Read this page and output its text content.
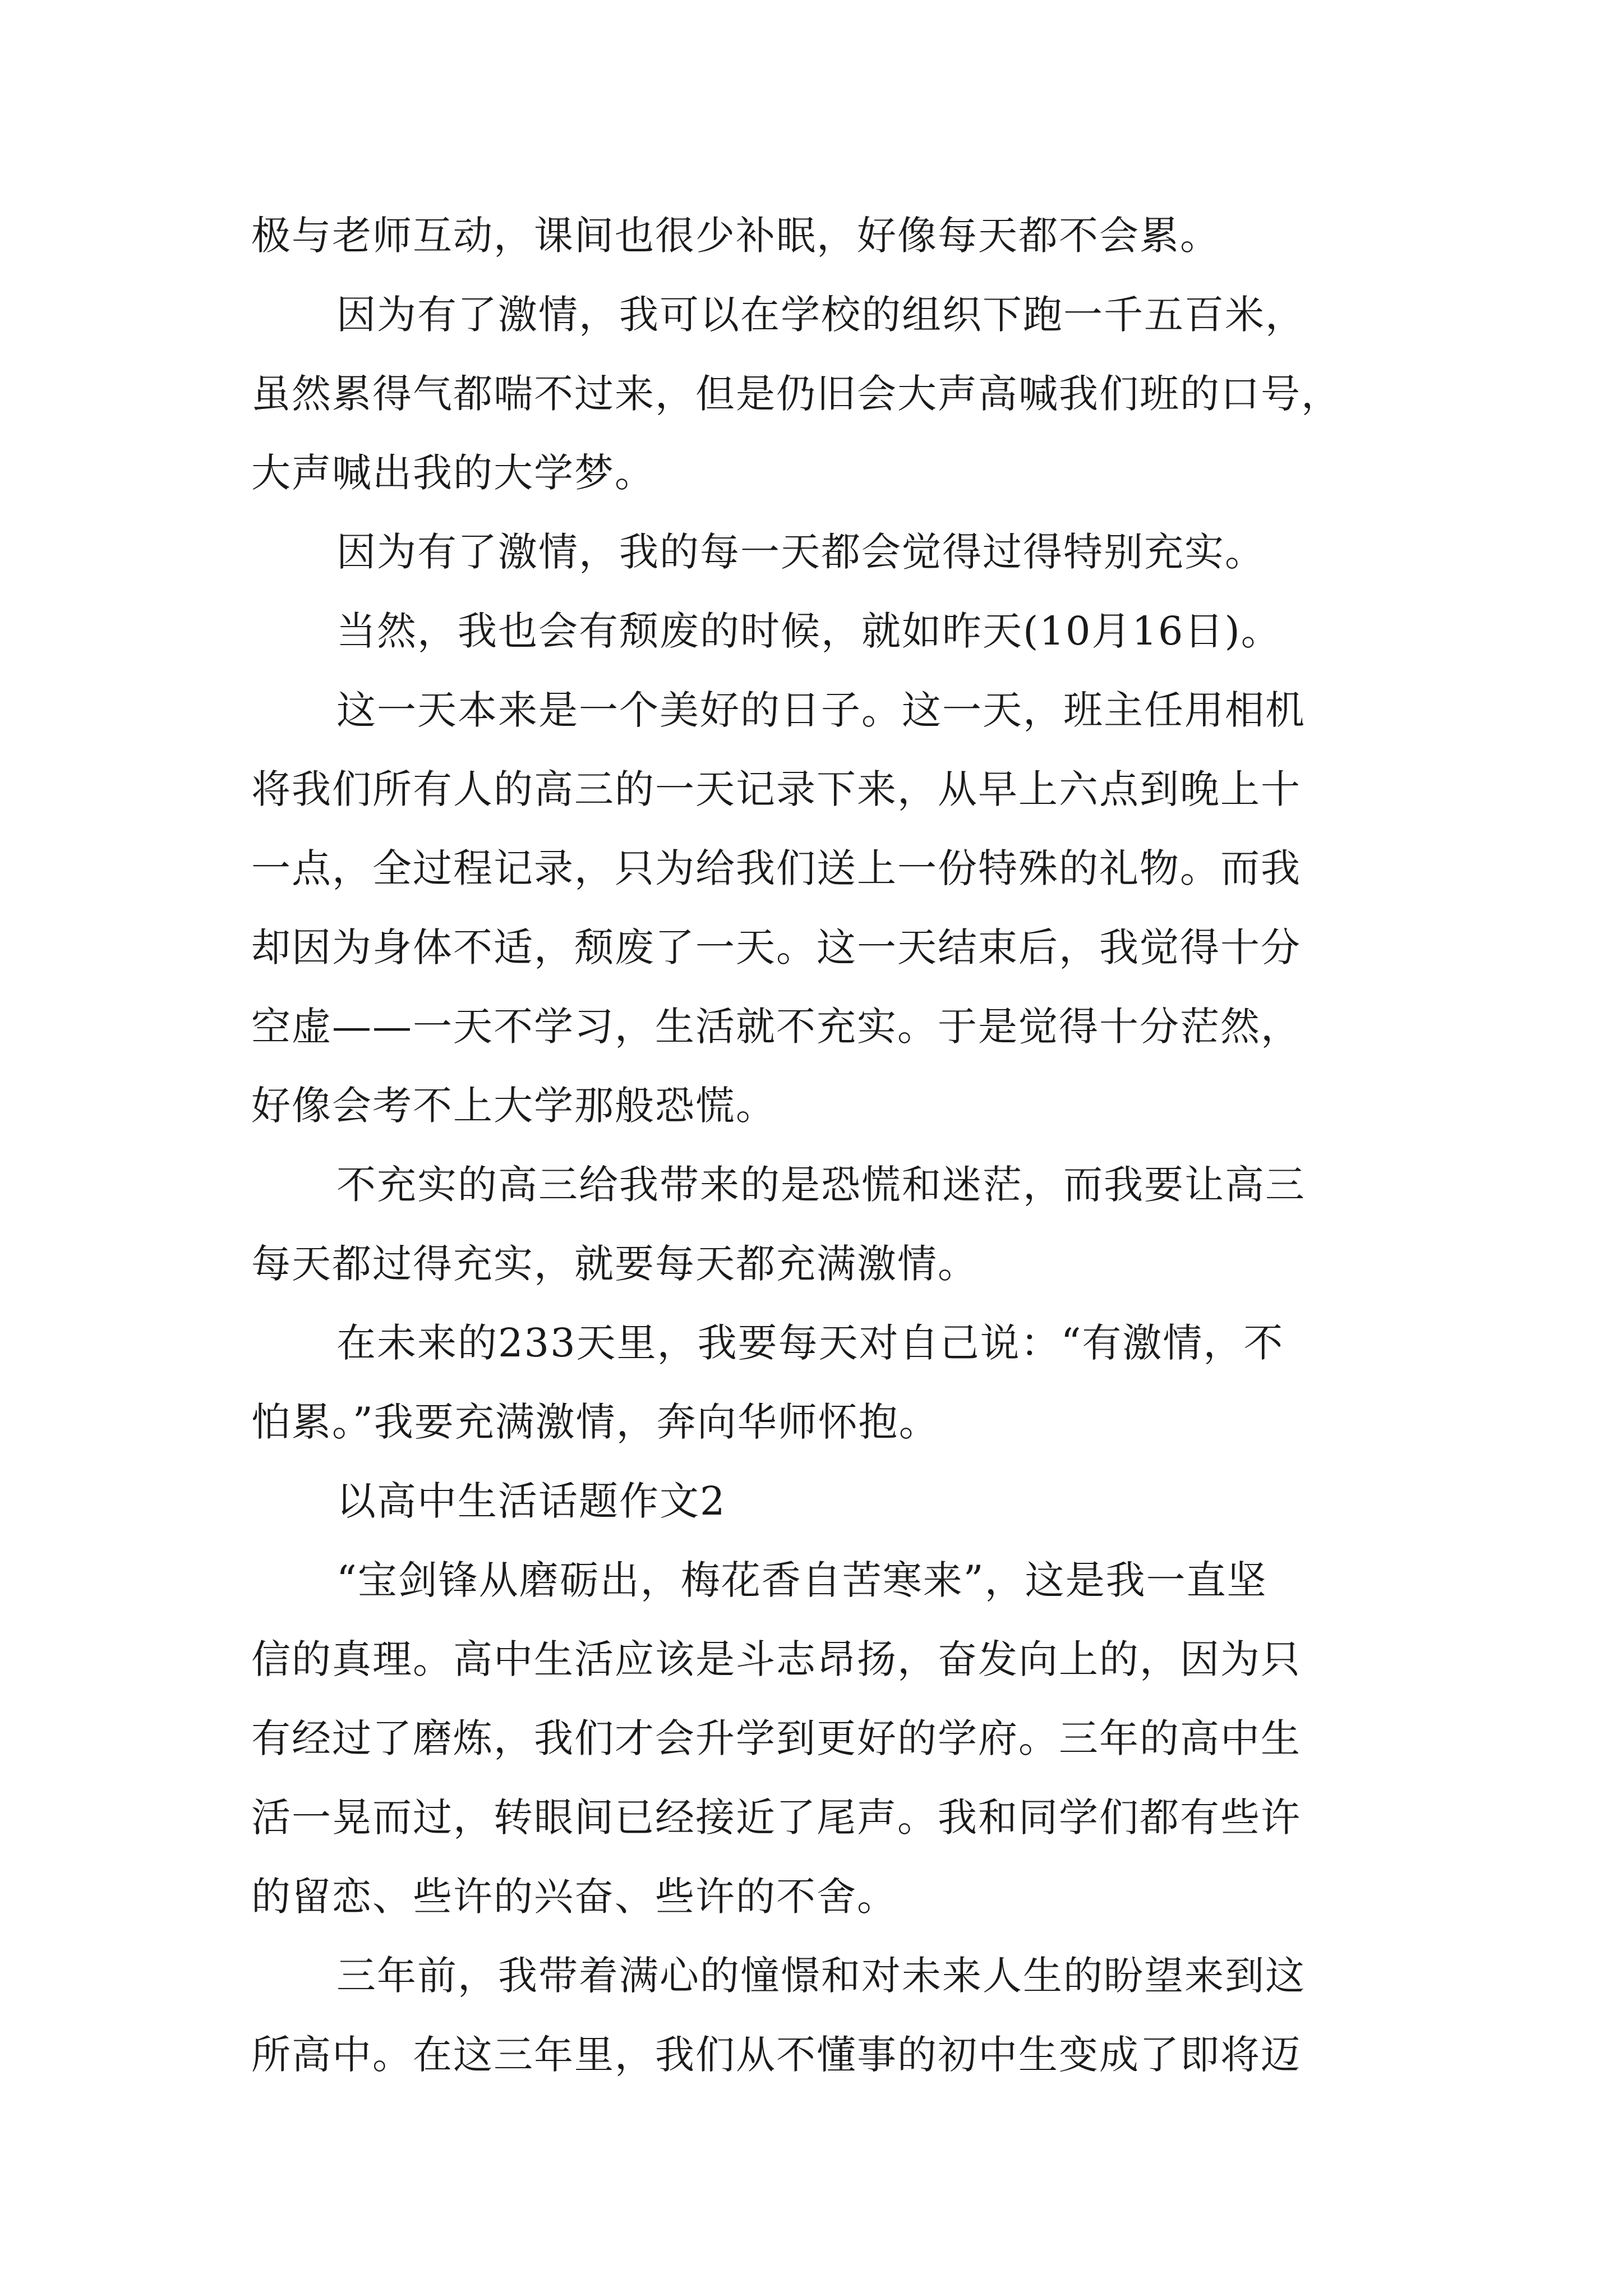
极与老师互动，课间也很少补眠，好像每天都不会累。
因为有了激情，我可以在学校的组织下跑一千五百米，
虽然累得气都喘不过来，但是仍旧会大声高喊我们班的口号，
大声喊出我的大学梦。
因为有了激情，我的每一天都会觉得过得特别充实。
当然，我也会有颓废的时候，就如昨天(10月16日)。
这一天本来是一个美好的日子。这一天，班主任用相机
将我们所有人的高三的一天记录下来，从早上六点到晚上十
一点，全过程记录，只为给我们送上一份特殊的礼物。而我
却因为身体不适，颓废了一天。这一天结束后，我觉得十分
空虚——一天不学习，生活就不充实。于是觉得十分茫然，
好像会考不上大学那般恐慌。
不充实的高三给我带来的是恐慌和迷茫，而我要让高三
每天都过得充实，就要每天都充满激情。
在未来的233天里，我要每天对自己说：“有激情，不
怕累。”我要充满激情，奔向华师怀抱。
以高中生活话题作文2
“宝剑锋从磨砺出，梅花香自苦寒来”，这是我一直坚
信的真理。高中生活应该是斗志昂扬，奋发向上的，因为只
有经过了磨炼，我们才会升学到更好的学府。三年的高中生
活一晃而过，转眼间已经接近了尾声。我和同学们都有些许
的留恋、些许的兴奋、些许的不舍。
三年前，我带着满心的憧憬和对未来人生的盼望来到这
所高中。在这三年里，我们从不懂事的初中生变成了即将迈
